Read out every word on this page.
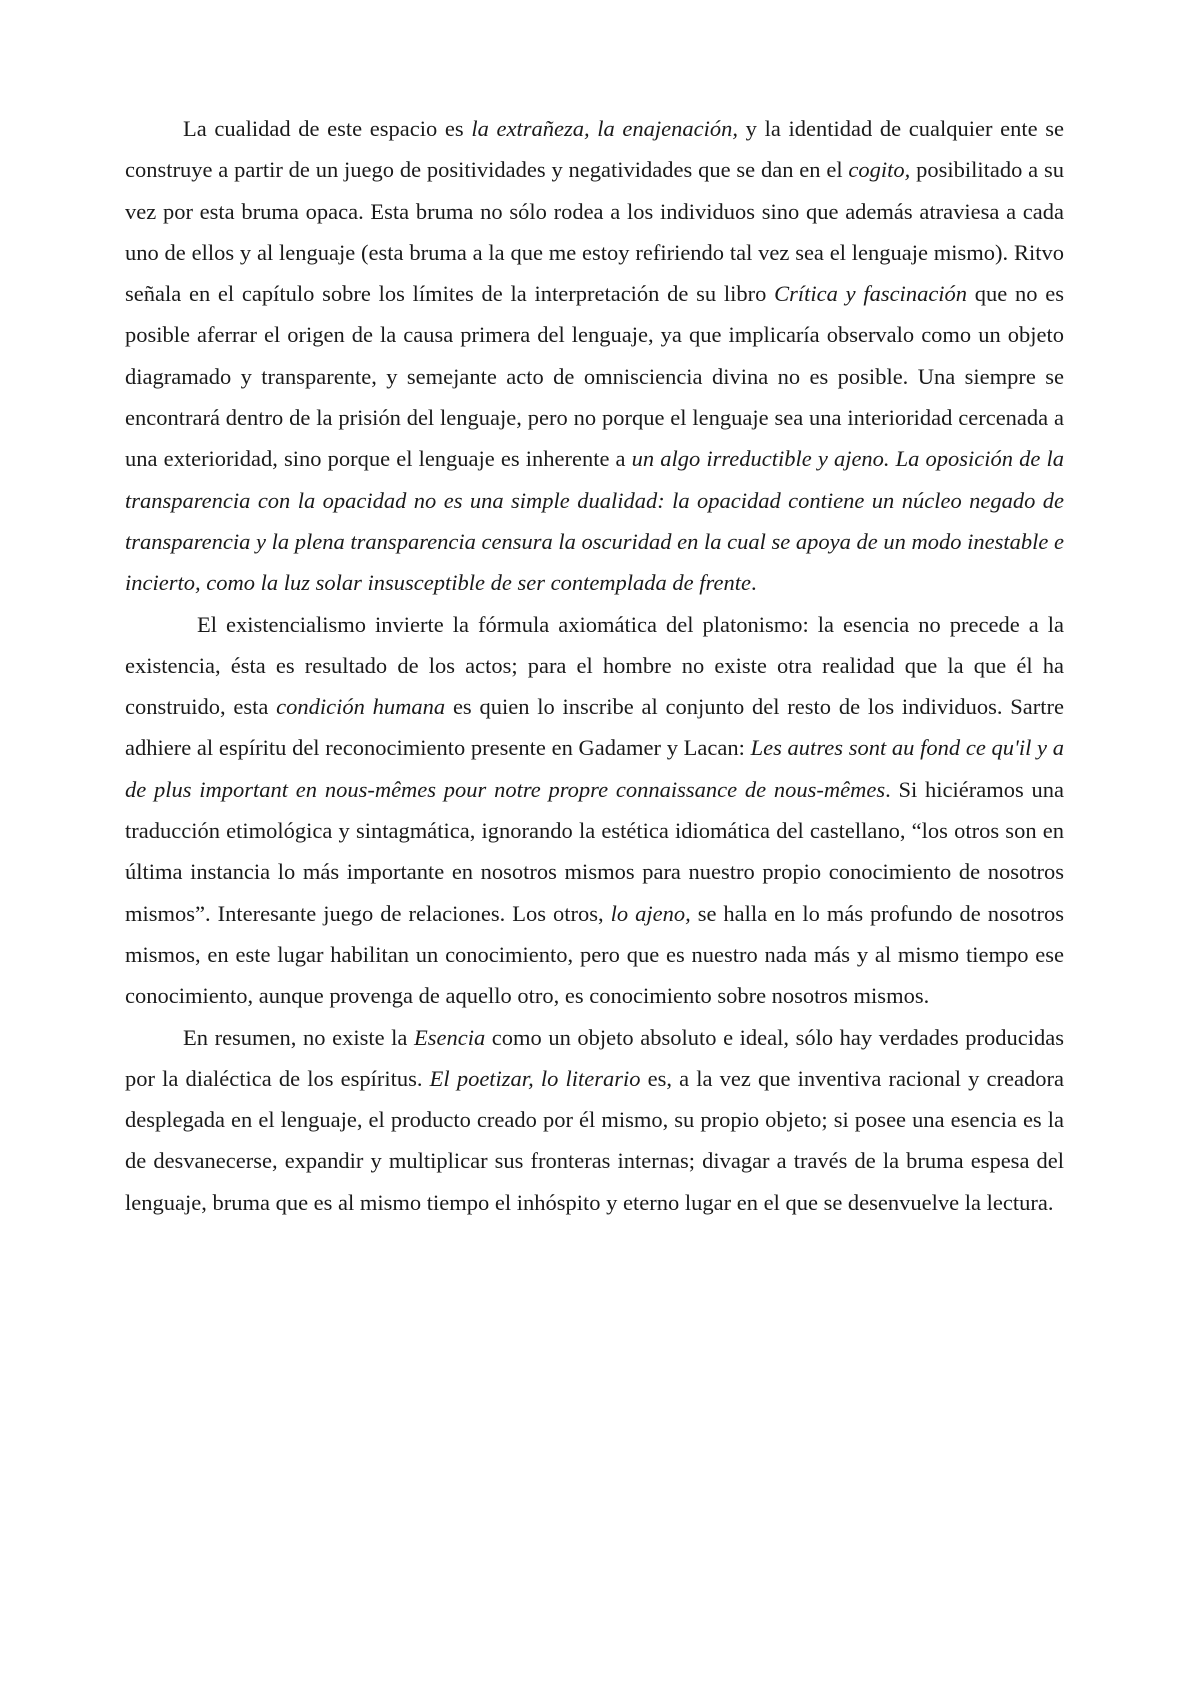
La cualidad de este espacio es la extrañeza, la enajenación, y la identidad de cualquier ente se construye a partir de un juego de positividades y negatividades que se dan en el cogito, posibilitado a su vez por esta bruma opaca. Esta bruma no sólo rodea a los individuos sino que además atraviesa a cada uno de ellos y al lenguaje (esta bruma a la que me estoy refiriendo tal vez sea el lenguaje mismo). Ritvo señala en el capítulo sobre los límites de la interpretación de su libro Crítica y fascinación que no es posible aferrar el origen de la causa primera del lenguaje, ya que implicaría observalo como un objeto diagramado y transparente, y semejante acto de omnisciencia divina no es posible. Una siempre se encontrará dentro de la prisión del lenguaje, pero no porque el lenguaje sea una interioridad cercenada a una exterioridad, sino porque el lenguaje es inherente a un algo irreductible y ajeno. La oposición de la transparencia con la opacidad no es una simple dualidad: la opacidad contiene un núcleo negado de transparencia y la plena transparencia censura la oscuridad en la cual se apoya de un modo inestable e incierto, como la luz solar insusceptible de ser contemplada de frente.

El existencialismo invierte la fórmula axiomática del platonismo: la esencia no precede a la existencia, ésta es resultado de los actos; para el hombre no existe otra realidad que la que él ha construido, esta condición humana es quien lo inscribe al conjunto del resto de los individuos. Sartre adhiere al espíritu del reconocimiento presente en Gadamer y Lacan: Les autres sont au fond ce qu'il y a de plus important en nous-mêmes pour notre propre connaissance de nous-mêmes. Si hiciéramos una traducción etimológica y sintagmática, ignorando la estética idiomática del castellano, “los otros son en última instancia lo más importante en nosotros mismos para nuestro propio conocimiento de nosotros mismos”. Interesante juego de relaciones. Los otros, lo ajeno, se halla en lo más profundo de nosotros mismos, en este lugar habilitan un conocimiento, pero que es nuestro nada más y al mismo tiempo ese conocimiento, aunque provenga de aquello otro, es conocimiento sobre nosotros mismos.

En resumen, no existe la Esencia como un objeto absoluto e ideal, sólo hay verdades producidas por la dialéctica de los espíritus. El poetizar, lo literario es, a la vez que inventiva racional y creadora desplegada en el lenguaje, el producto creado por él mismo, su propio objeto; si posee una esencia es la de desvanecerse, expandir y multiplicar sus fronteras internas; divagar a través de la bruma espesa del lenguaje, bruma que es al mismo tiempo el inhóspito y eterno lugar en el que se desenvuelve la lectura.
